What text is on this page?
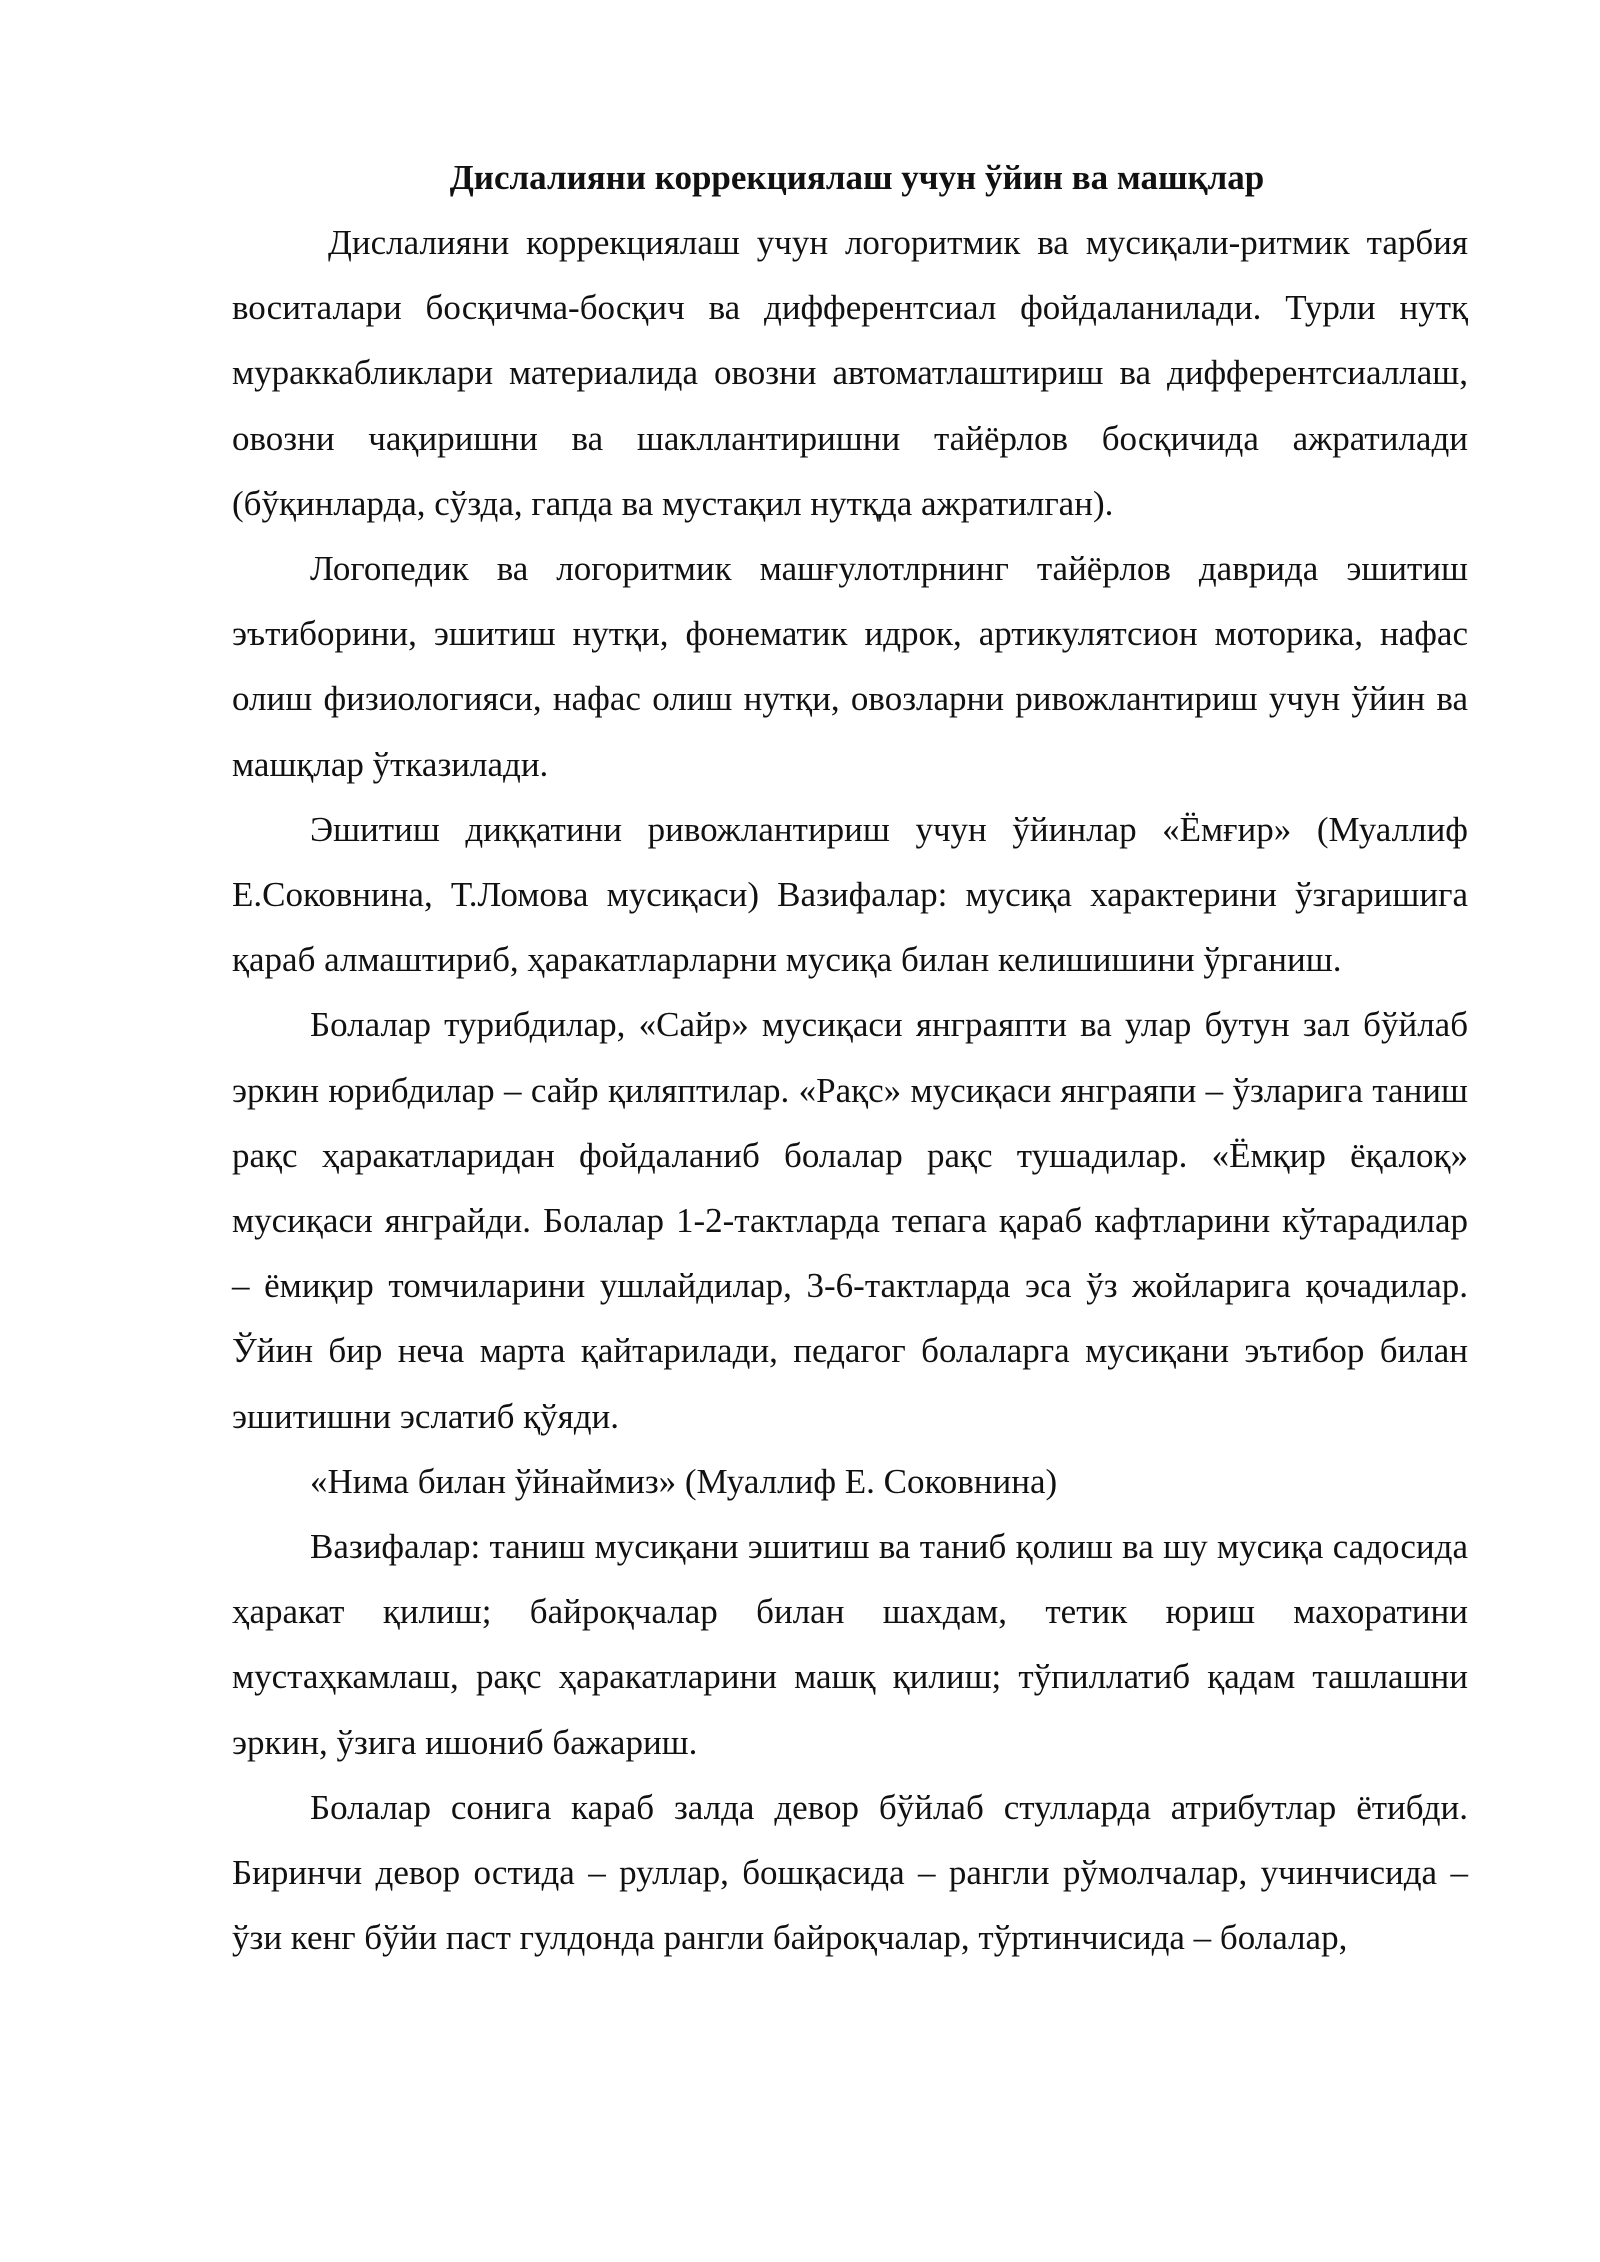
Дислалияни коррекциялаш учун ўйин ва машқлар

Дислалияни коррекциялаш учун логоритмик ва мусиқали-ритмик тарбия воситалари босқичма-босқич ва дифферентсиал фойдаланилади. Турли нутқ мураккабликлари материалида овозни автоматлаштириш ва дифферентсиаллаш, овозни чақиришни ва шакллантиришни тайёрлов босқичида ажратилади (бўқинларда, сўзда, гапда ва мустақил нутқда ажратилган).

Логопедик ва логоритмик машғулотлрнинг тайёрлов даврида эшитиш эътиборини, эшитиш нутқи, фонематик идрок, артикулятсион моторика, нафас олиш физиологияси, нафас олиш нутқи, овозларни ривожлантириш учун ўйин ва машқлар ўтказилади.

Эшитиш диққатини ривожлантириш учун ўйинлар «Ёмғир» (Муаллиф Е.Соковнина, Т.Ломова мусиқаси) Вазифалар: мусиқа характерини ўзгаришига қараб алмаштириб, ҳаракатларларни мусиқа билан келишишини ўрганиш.

Болалар турибдилар, «Сайр» мусиқаси янграяпти ва улар бутун зал бўйлаб эркин юрибдилар – сайр қиляптилар. «Рақс» мусиқаси янграяпи – ўзларига таниш рақс ҳаракатларидан фойдаланиб болалар рақс тушадилар. «Ёмқир ёқалоқ» мусиқаси янграйди. Болалар 1-2-тактларда тепага қараб кафтларини кўтарадилар – ёмиқир томчиларини ушлайдилар, 3-6-тактларда эса ўз жойларига қочадилар. Ўйин бир неча марта қайтарилади, педагог болаларга мусиқани эътибор билан эшитишни эслатиб қўяди.

«Нима билан ўйнаймиз» (Муаллиф Е. Соковнина)

Вазифалар: таниш мусиқани эшитиш ва таниб қолиш ва шу мусиқа садосида ҳаракат қилиш; байроқчалар билан шахдам, тетик юриш махоратини мустаҳкамлаш, рақс ҳаракатларини машқ қилиш; тўпиллатиб қадам ташлашни эркин, ўзига ишониб бажариш.

Болалар сонига караб залда девор бўйлаб стулларда атрибутлар ётибди. Биринчи девор остида – руллар, бошқасида – рангли рўмолчалар, учинчисида – ўзи кенг бўйи паст гулдонда рангли байроқчалар, тўртинчисида – болалар,
